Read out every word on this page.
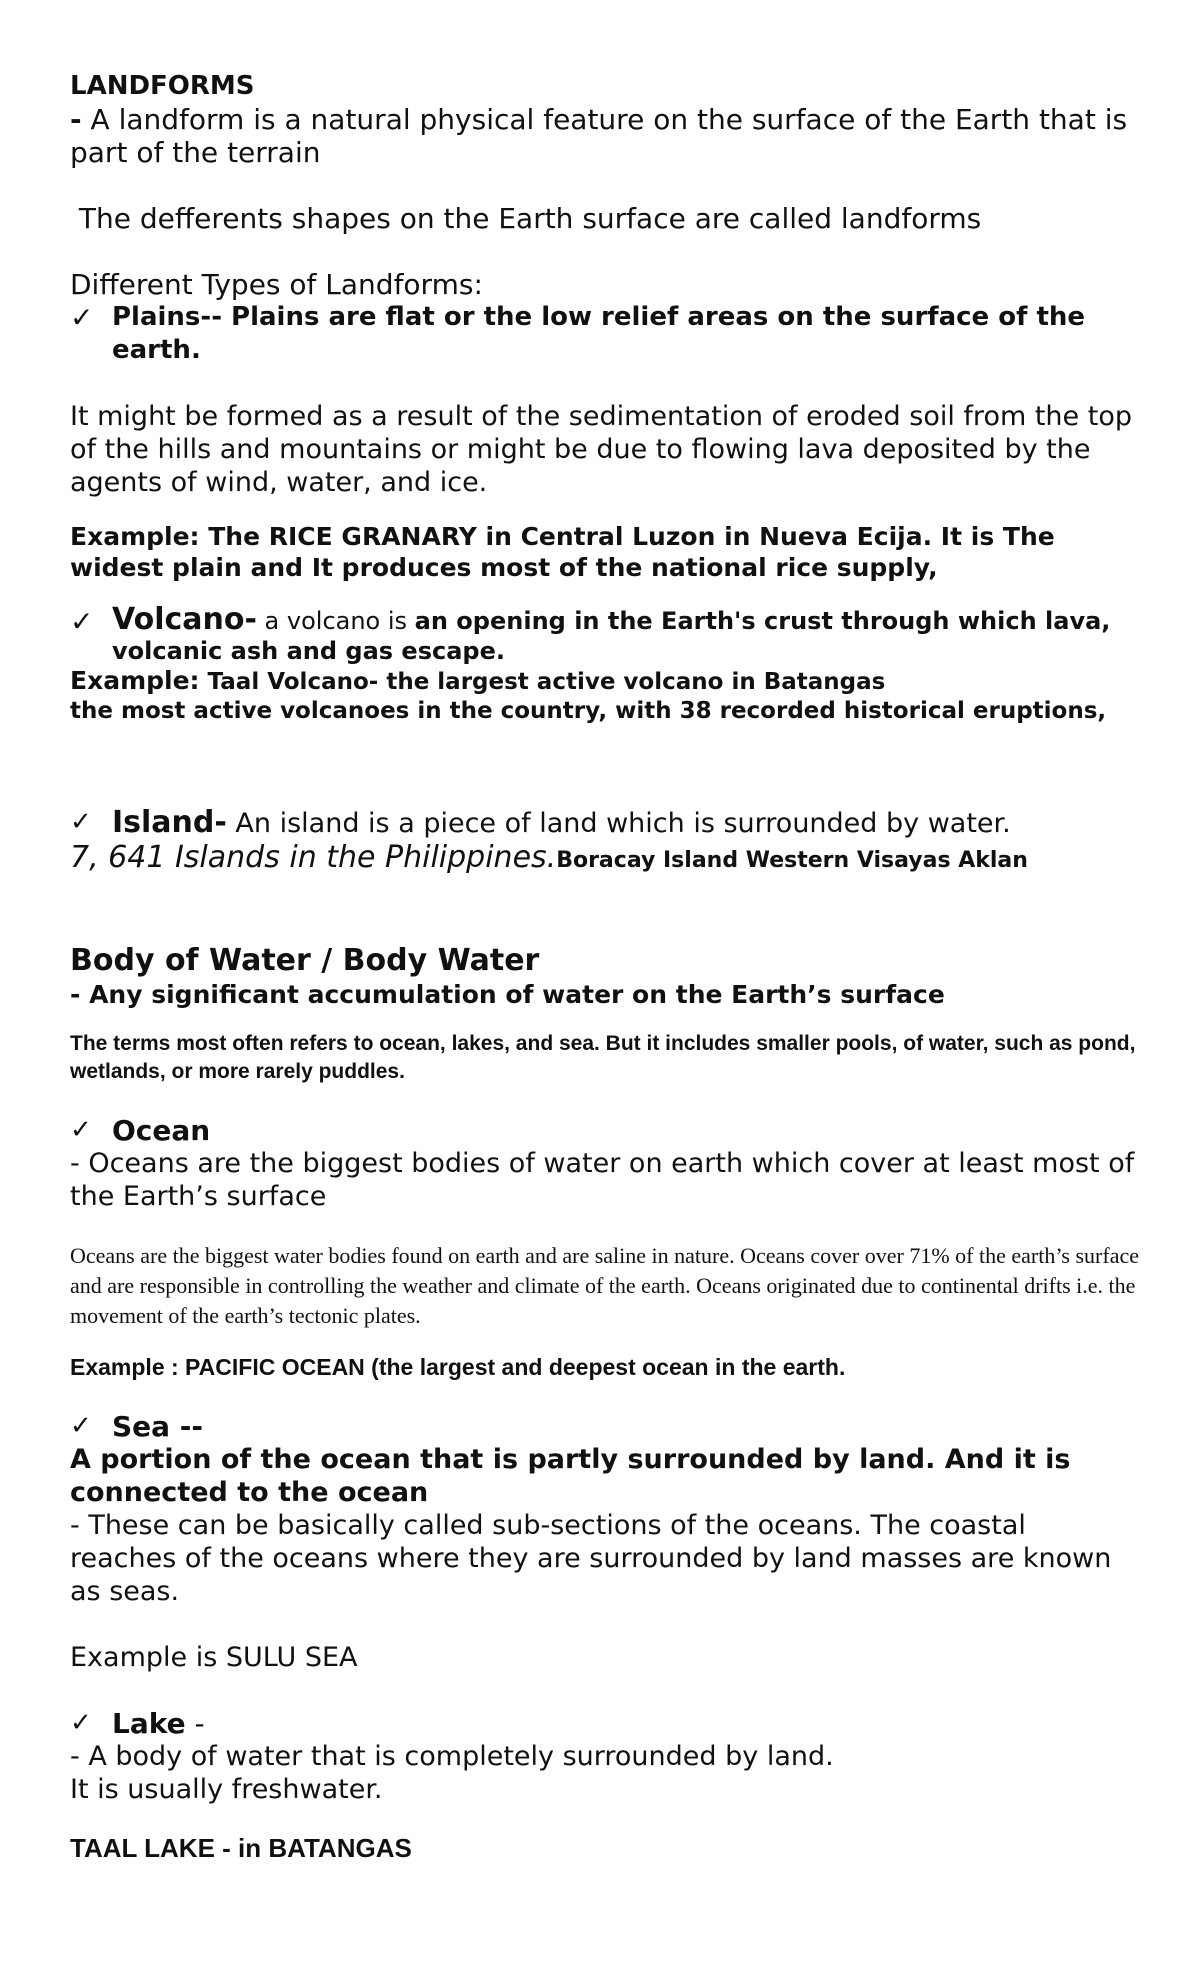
LANDFORMS

- A landform is a natural physical feature on the surface of the Earth that is part of the terrain

The defferents shapes on the Earth surface are called landforms

Different Types of Landforms:

✓ Plains-- Plains are flat or the low relief areas on the surface of the earth.

It might be formed as a result of the sedimentation of eroded soil from the top of the hills and mountains or might be due to flowing lava deposited by the agents of wind, water, and ice.

Example: The RICE GRANARY in Central Luzon in Nueva Ecija. It is The widest plain and It produces most of the national rice supply,

✓ Volcano- a volcano is an opening in the Earth's crust through which lava, volcanic ash and gas escape.

Example: Taal Volcano- the largest active volcano in Batangas

the most active volcanoes in the country, with 38 recorded historical eruptions,

✓ Island- An island is a piece of land which is surrounded by water.

7, 641 Islands in the Philippines.Boracay Island Western Visayas Aklan

Body of Water / Body Water

- Any significant accumulation of water on the Earth’s surface

The terms most often refers to ocean, lakes, and sea. But it includes smaller pools, of water, such as pond, wetlands, or more rarely puddles.

✓ Ocean

- Oceans are the biggest bodies of water on earth which cover at least most of the Earth’s surface

Oceans are the biggest water bodies found on earth and are saline in nature. Oceans cover over 71% of the earth’s surface and are responsible in controlling the weather and climate of the earth. Oceans originated due to continental drifts i.e. the movement of the earth’s tectonic plates.

Example : PACIFIC OCEAN (the largest and deepest ocean in the earth.

✓ Sea --

A portion of the ocean that is partly surrounded by land. And it is connected to the ocean

- These can be basically called sub-sections of the oceans. The coastal reaches of the oceans where they are surrounded by land masses are known as seas.

Example is SULU SEA

✓ Lake -

- A body of water that is completely surrounded by land.

It is usually freshwater.

TAAL LAKE - in BATANGAS
